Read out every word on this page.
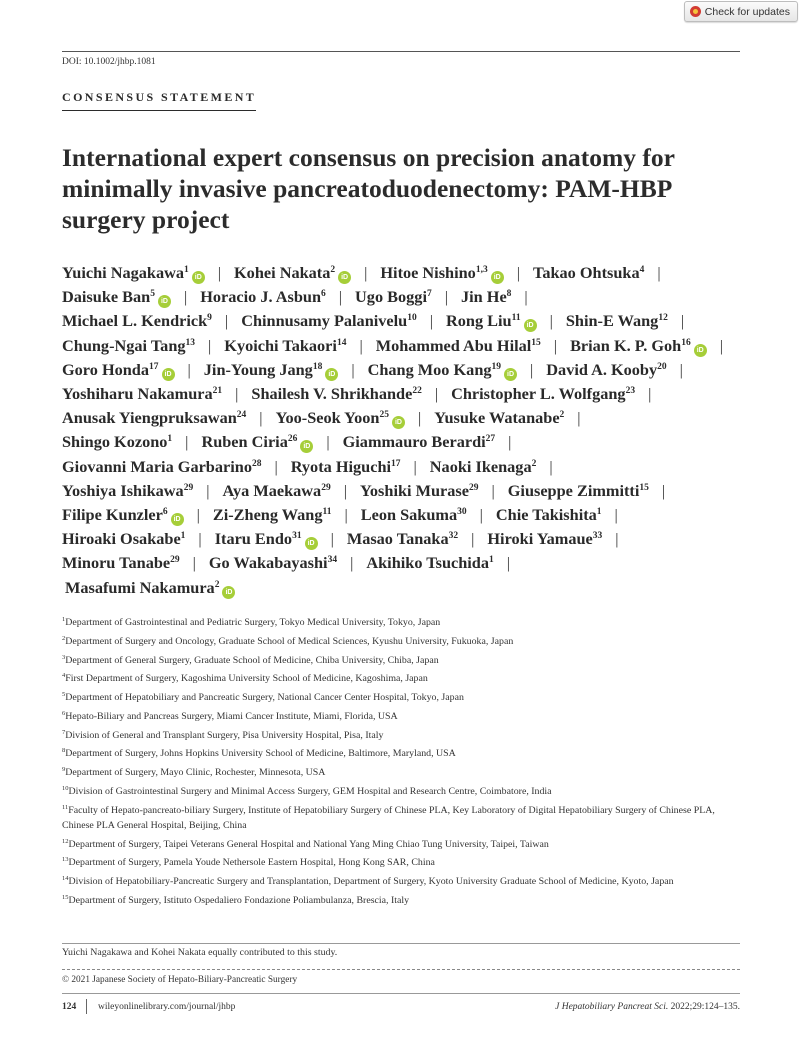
Check for updates
DOI: 10.1002/jhbp.1081
CONSENSUS STATEMENT
International expert consensus on precision anatomy for minimally invasive pancreatoduodenectomy: PAM-HBP surgery project
Yuichi Nagakawa$^1$iD | Kohei Nakata$^2$iD | Hitoe Nishino$^{1,3}$iD | Takao Ohtsuka$^4$ |
Daisuke Ban$^5$iD | Horacio J. Asbun$^6$ | Ugo Boggi$^7$ | Jin He$^8$ |
Michael L. Kendrick$^9$ | Chinnusamy Palanivelu$^{10}$ | Rong Liu$^{11}$iD | Shin-E Wang$^{12}$ |
Chung-Ngai Tang$^{13}$ | Kyoichi Takaori$^{14}$ | Mohammed Abu Hilal$^{15}$ | Brian K. P. Goh$^{16}$iD |
Goro Honda$^{17}$iD | Jin-Young Jang$^{18}$iD | Chang Moo Kang$^{19}$iD | David A. Kooby$^{20}$ |
Yoshiharu Nakamura$^{21}$ | Shailesh V. Shrikhande$^{22}$ | Christopher L. Wolfgang$^{23}$ |
Anusak Yiengpruksawan$^{24}$ | Yoo-Seok Yoon$^{25}$iD | Yusuke Watanabe$^2$ |
Shingo Kozono$^1$ | Ruben Ciria$^{26}$iD | Giammauro Berardi$^{27}$ |
Giovanni Maria Garbarino$^{28}$ | Ryota Higuchi$^{17}$ | Naoki Ikenaga$^2$ |
Yoshiya Ishikawa$^{29}$ | Aya Maekawa$^{29}$ | Yoshiki Murase$^{29}$ | Giuseppe Zimmitti$^{15}$ |
Filipe Kunzler$^6$iD | Zi-Zheng Wang$^{11}$ | Leon Sakuma$^{30}$ | Chie Takishita$^1$ |
Hiroaki Osakabe$^1$ | Itaru Endo$^{31}$iD | Masao Tanaka$^{32}$ | Hiroki Yamaue$^{33}$ |
Minoru Tanabe$^{29}$ | Go Wakabayashi$^{34}$ | Akihiko Tsuchida$^1$ |
Masafumi Nakamura$^2$iD
$^1$Department of Gastrointestinal and Pediatric Surgery, Tokyo Medical University, Tokyo, Japan
$^2$Department of Surgery and Oncology, Graduate School of Medical Sciences, Kyushu University, Fukuoka, Japan
$^3$Department of General Surgery, Graduate School of Medicine, Chiba University, Chiba, Japan
$^4$First Department of Surgery, Kagoshima University School of Medicine, Kagoshima, Japan
$^5$Department of Hepatobiliary and Pancreatic Surgery, National Cancer Center Hospital, Tokyo, Japan
$^6$Hepato-Biliary and Pancreas Surgery, Miami Cancer Institute, Miami, Florida, USA
$^7$Division of General and Transplant Surgery, Pisa University Hospital, Pisa, Italy
$^8$Department of Surgery, Johns Hopkins University School of Medicine, Baltimore, Maryland, USA
$^9$Department of Surgery, Mayo Clinic, Rochester, Minnesota, USA
$^{10}$Division of Gastrointestinal Surgery and Minimal Access Surgery, GEM Hospital and Research Centre, Coimbatore, India
$^{11}$Faculty of Hepato-pancreato-biliary Surgery, Institute of Hepatobiliary Surgery of Chinese PLA, Key Laboratory of Digital Hepatobiliary Surgery of Chinese PLA, Chinese PLA General Hospital, Beijing, China
$^{12}$Department of Surgery, Taipei Veterans General Hospital and National Yang Ming Chiao Tung University, Taipei, Taiwan
$^{13}$Department of Surgery, Pamela Youde Nethersole Eastern Hospital, Hong Kong SAR, China
$^{14}$Division of Hepatobiliary-Pancreatic Surgery and Transplantation, Department of Surgery, Kyoto University Graduate School of Medicine, Kyoto, Japan
$^{15}$Department of Surgery, Istituto Ospedaliero Fondazione Poliambulanza, Brescia, Italy
Yuichi Nagakawa and Kohei Nakata equally contributed to this study.
© 2021 Japanese Society of Hepato-Biliary-Pancreatic Surgery
124 wileyonlinelibrary.com/journal/jhbp	J Hepatobiliary Pancreat Sci. 2022;29:124–135.
